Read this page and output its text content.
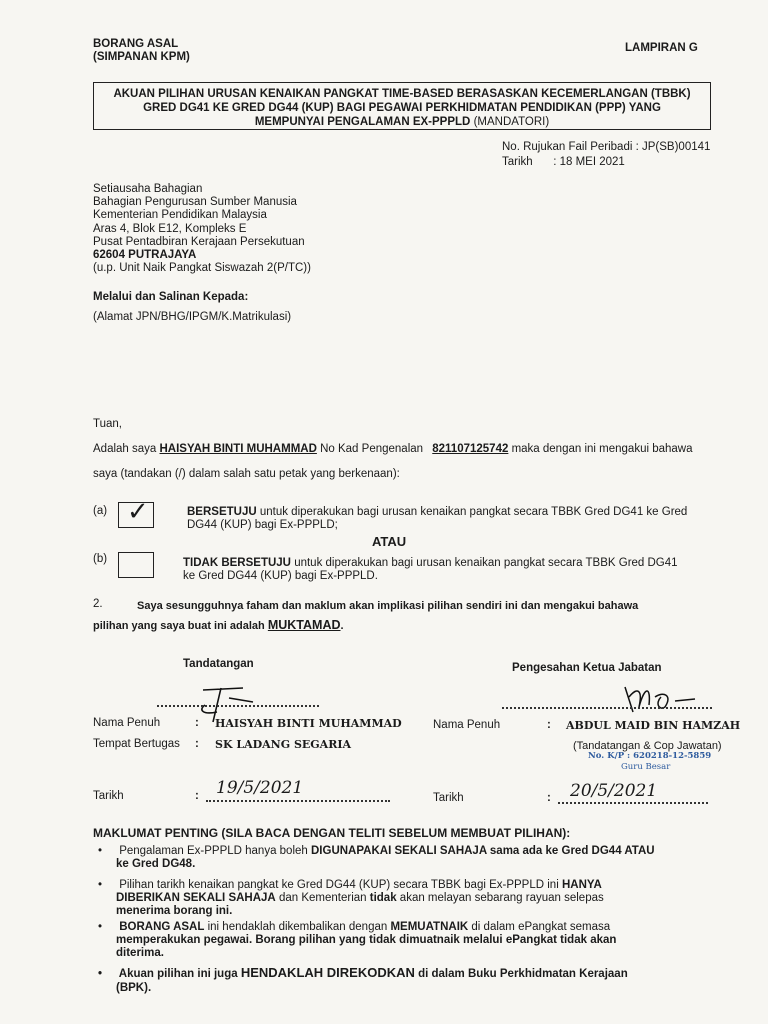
BORANG ASAL
(SIMPANAN KPM)
LAMPIRAN G
AKUAN PILIHAN URUSAN KENAIKAN PANGKAT TIME-BASED BERASASKAN KECEMERLANGAN (TBBK)
GRED DG41 KE GRED DG44 (KUP) BAGI PEGAWAI PERKHIDMATAN PENDIDIKAN (PPP) YANG
MEMPUNYAI PENGALAMAN EX-PPPLD (MANDATORI)
No. Rujukan Fail Peribadi : JP(SB)00141
Tarikh : 18 MEI 2021
Setiausaha Bahagian
Bahagian Pengurusan Sumber Manusia
Kementerian Pendidikan Malaysia
Aras 4, Blok E12, Kompleks E
Pusat Pentadbiran Kerajaan Persekutuan
62604 PUTRAJAYA
(u.p. Unit Naik Pangkat Siswazah 2(P/TC))
Melalui dan Salinan Kepada:
(Alamat JPN/BHG/IPGM/K.Matrikulasi)
Tuan,
Adalah saya HAISYAH BINTI MUHAMMAD No Kad Pengenalan 821107125742 maka dengan ini mengakui bahawa
saya (tandakan (/) dalam salah satu petak yang berkenaan):
(a) ✓	BERSETUJU untuk diperakukan bagi urusan kenaikan pangkat secara TBBK Gred DG41 ke Gred
DG44 (KUP) bagi Ex-PPPLD;
ATAU
(b)	TIDAK BERSETUJU untuk diperakukan bagi urusan kenaikan pangkat secara TBBK Gred DG41
ke Gred DG44 (KUP) bagi Ex-PPPLD.
2.	Saya sesungguhnya faham dan maklum akan implikasi pilihan sendiri ini dan mengakui bahawa
pilihan yang saya buat ini adalah MUKTAMAD.
Tandatangan
Nama Penuh	: HAISYAH BINTI MUHAMMAD
Tempat Bertugas : SK LADANG SEGARIA
Tarikh	: 19/5/2021
Pengesahan Ketua Jabatan
Nama Penuh	: ABDUL MAID BIN HAMZAH
(Tandatangan & Cop Jawatan)
No. K/P : 620218-12-5859
Guru Besar
Tarikh	: 20/5/2021
MAKLUMAT PENTING (SILA BACA DENGAN TELITI SEBELUM MEMBUAT PILIHAN):
• Pengalaman Ex-PPPLD hanya boleh DIGUNAPAKAI SEKALI SAHAJA sama ada ke Gred DG44 ATAU
ke Gred DG48.
• Pilihan tarikh kenaikan pangkat ke Gred DG44 (KUP) secara TBBK bagi Ex-PPPLD ini HANYA
DIBERIKAN SEKALI SAHAJA dan Kementerian tidak akan melayan sebarang rayuan selepas
menerima borang ini.
• BORANG ASAL ini hendaklah dikembalikan dengan MEMUATNAIK di dalam ePangkat semasa
memperakukan pegawai. Borang pilihan yang tidak dimuatnaik melalui ePangkat tidak akan
diterima.
• Akuan pilihan ini juga HENDAKLAH DIREKODKAN di dalam Buku Perkhidmatan Kerajaan
(BPK).
